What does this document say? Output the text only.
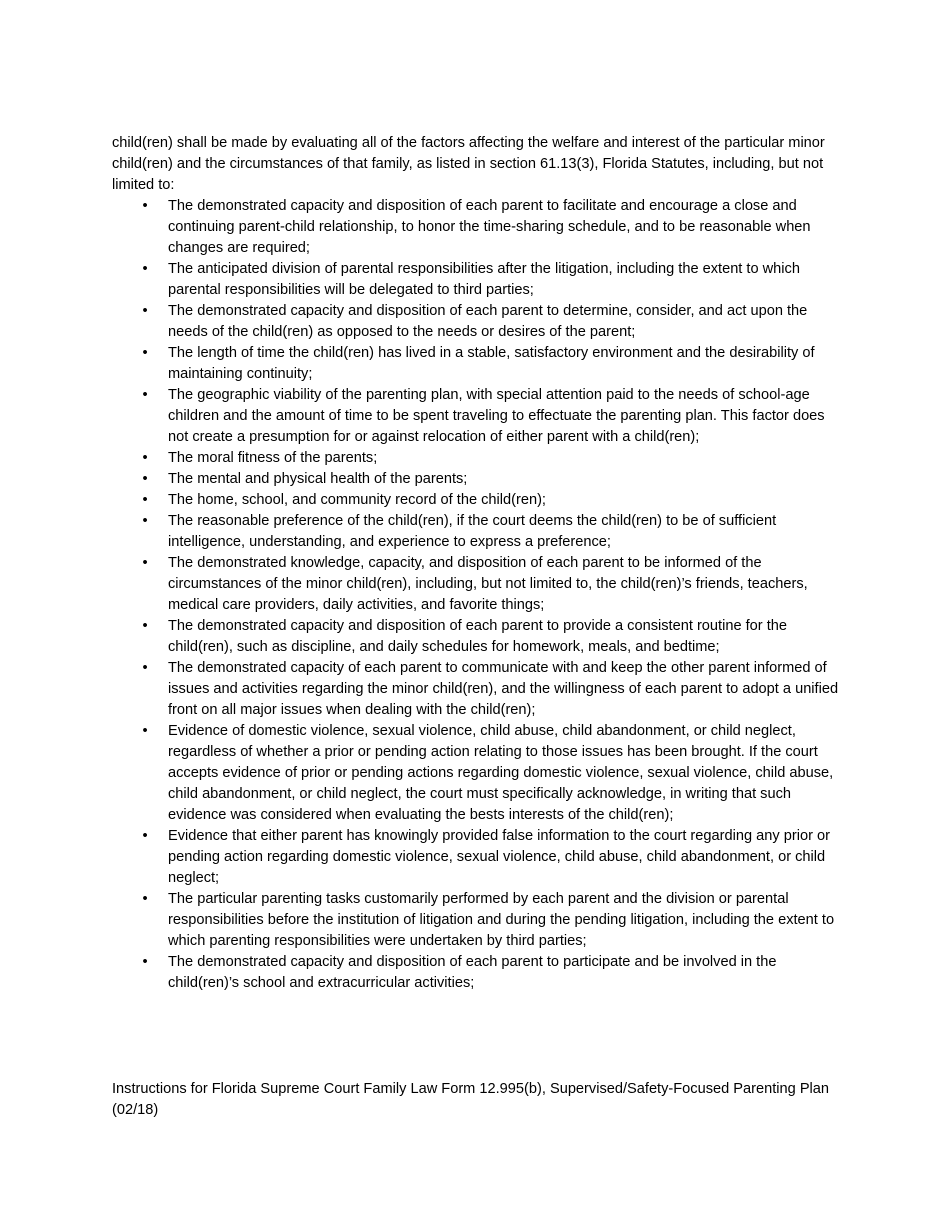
child(ren) shall be made by evaluating all of the factors affecting the welfare and interest of the particular minor child(ren) and the circumstances of that family, as listed in section 61.13(3), Florida Statutes, including, but not limited to:

• The demonstrated capacity and disposition of each parent to facilitate and encourage a close and continuing parent-child relationship, to honor the time-sharing schedule, and to be reasonable when changes are required;
• The anticipated division of parental responsibilities after the litigation, including the extent to which parental responsibilities will be delegated to third parties;
• The demonstrated capacity and disposition of each parent to determine, consider, and act upon the needs of the child(ren) as opposed to the needs or desires of the parent;
• The length of time the child(ren) has lived in a stable, satisfactory environment and the desirability of maintaining continuity;
• The geographic viability of the parenting plan, with special attention paid to the needs of school-age children and the amount of time to be spent traveling to effectuate the parenting plan. This factor does not create a presumption for or against relocation of either parent with a child(ren);
• The moral fitness of the parents;
• The mental and physical health of the parents;
• The home, school, and community record of the child(ren);
• The reasonable preference of the child(ren), if the court deems the child(ren) to be of sufficient intelligence, understanding, and experience to express a preference;
• The demonstrated knowledge, capacity, and disposition of each parent to be informed of the circumstances of the minor child(ren), including, but not limited to, the child(ren)’s friends, teachers, medical care providers, daily activities, and favorite things;
• The demonstrated capacity and disposition of each parent to provide a consistent routine for the child(ren), such as discipline, and daily schedules for homework, meals, and bedtime;
• The demonstrated capacity of each parent to communicate with and keep the other parent informed of issues and activities regarding the minor child(ren), and the willingness of each parent to adopt a unified front on all major issues when dealing with the child(ren);
• Evidence of domestic violence, sexual violence, child abuse, child abandonment, or child neglect, regardless of whether a prior or pending action relating to those issues has been brought. If the court accepts evidence of prior or pending actions regarding domestic violence, sexual violence, child abuse, child abandonment, or child neglect, the court must specifically acknowledge, in writing that such evidence was considered when evaluating the bests interests of the child(ren);
• Evidence that either parent has knowingly provided false information to the court regarding any prior or pending action regarding domestic violence, sexual violence, child abuse, child abandonment, or child neglect;
• The particular parenting tasks customarily performed by each parent and the division or parental responsibilities before the institution of litigation and during the pending litigation, including the extent to which parenting responsibilities were undertaken by third parties;
• The demonstrated capacity and disposition of each parent to participate and be involved in the child(ren)’s school and extracurricular activities;
Instructions for Florida Supreme Court Family Law Form 12.995(b), Supervised/Safety-Focused Parenting Plan (02/18)
